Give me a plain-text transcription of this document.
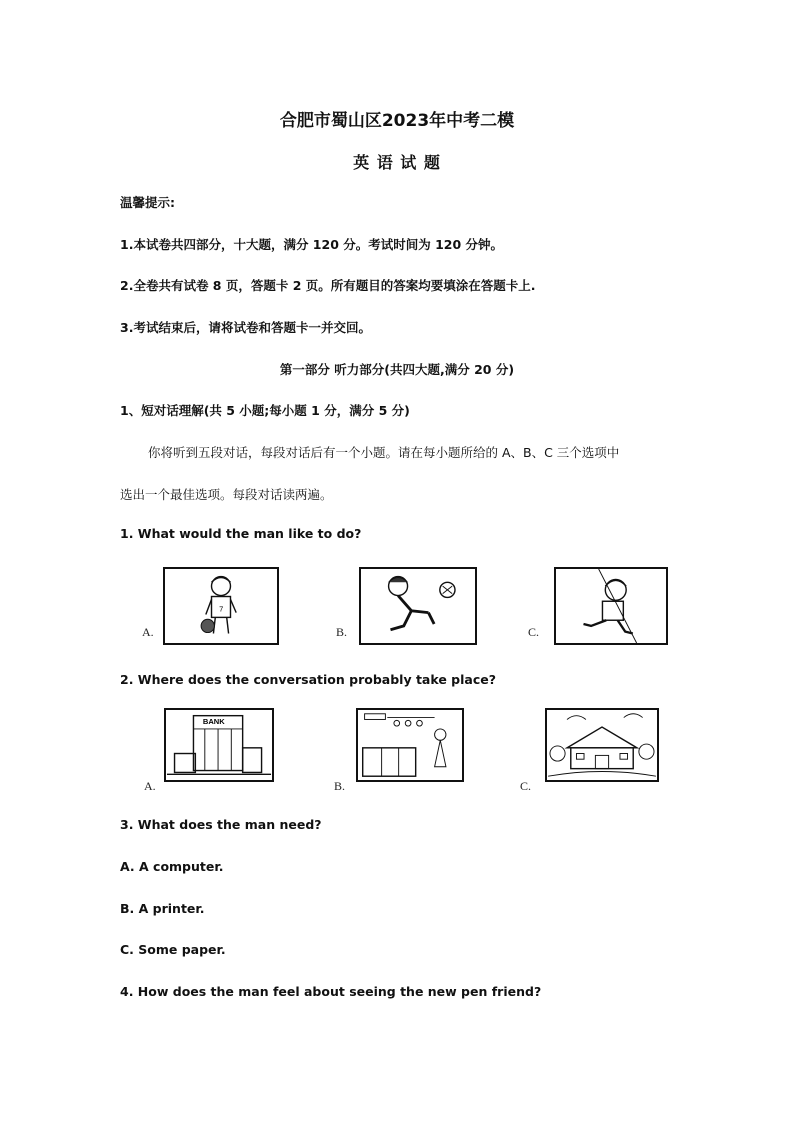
合肥市蜀山区2023年中考二模
英 语 试 题
温馨提示:
1.本试卷共四部分，十大题，满分 120 分。考试时间为 120 分钟。
2.全卷共有试卷 8 页，答题卡 2 页。所有题目的答案均要填涂在答题卡上.
3.考试结束后，请将试卷和答题卡一并交回。
第一部分 听力部分(共四大题,满分 20 分)
1、短对话理解(共 5 小题;每小题 1 分，满分 5 分)
你将听到五段对话，每段对话后有一个小题。请在每小题所给的 A、B、C 三个选项中
选出一个最佳选项。每段对话读两遍。
1. What would the man like to do?
7
A.	B.	C.
2. Where does the conversation probably take place?
BANK
A.	B.	C.
3. What does the man need?
A. A computer.
B. A printer.
C. Some paper.
4. How does the man feel about seeing the new pen friend?
